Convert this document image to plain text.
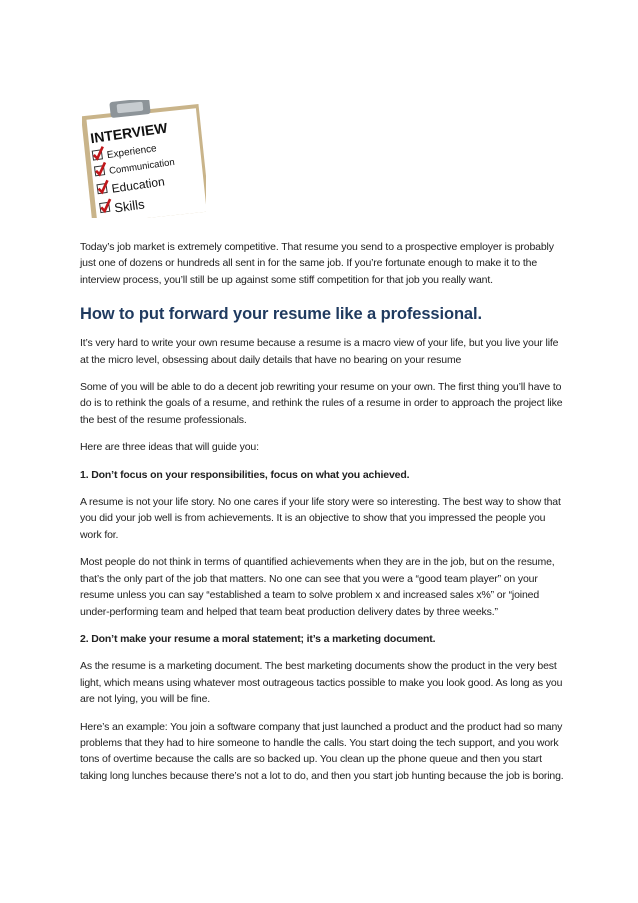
INTERVIEW
Experience
Communication
Education
Skills

Today’s job market is extremely competitive. That resume you send to a prospective employer is probably just one of dozens or hundreds all sent in for the same job. If you’re fortunate enough to make it to the interview process, you’ll still be up against some stiff competition for that job you really want.

How to put forward your resume like a professional.

It’s very hard to write your own resume because a resume is a macro view of your life, but you live your life at the micro level, obsessing about daily details that have no bearing on your resume

Some of you will be able to do a decent job rewriting your resume on your own. The first thing you’ll have to do is to rethink the goals of a resume, and rethink the rules of a resume in order to approach the project like the best of the resume professionals.

Here are three ideas that will guide you:

1. Don’t focus on your responsibilities, focus on what you achieved.

A resume is not your life story. No one cares if your life story were so interesting. The best way to show that you did your job well is from achievements. It is an objective to show that you impressed the people you work for.

Most people do not think in terms of quantified achievements when they are in the job, but on the resume, that’s the only part of the job that matters. No one can see that you were a “good team player” on your resume unless you can say “established a team to solve problem x and increased sales x%” or “joined under-performing team and helped that team beat production delivery dates by three weeks.”

2. Don’t make your resume a moral statement; it’s a marketing document.

As the resume is a marketing document. The best marketing documents show the product in the very best light, which means using whatever most outrageous tactics possible to make you look good. As long as you are not lying, you will be fine.

Here’s an example: You join a software company that just launched a product and the product had so many problems that they had to hire someone to handle the calls. You start doing the tech support, and you work tons of overtime because the calls are so backed up. You clean up the phone queue and then you start taking long lunches because there’s not a lot to do, and then you start job hunting because the job is boring.
